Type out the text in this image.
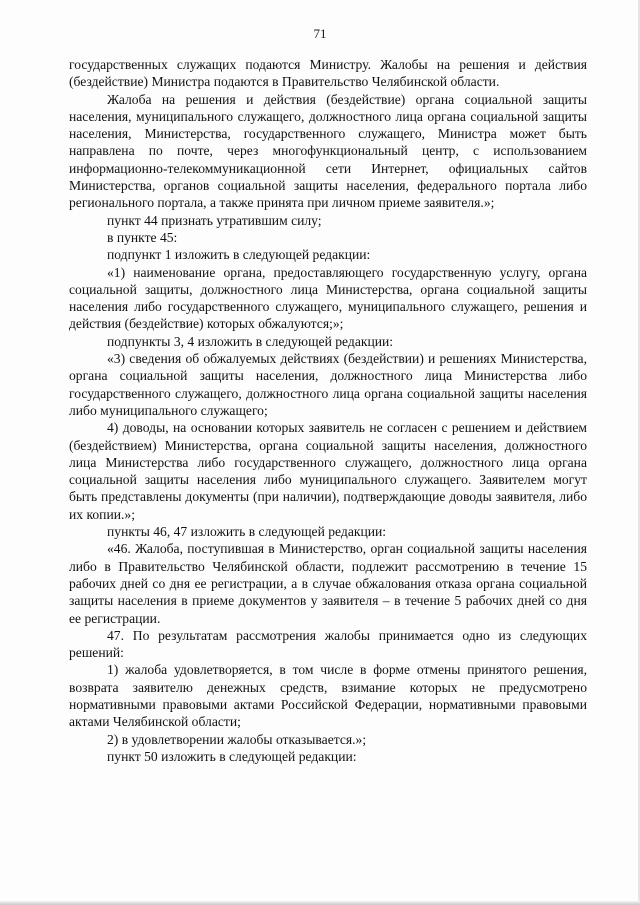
71

государственных служащих подаются Министру. Жалобы на решения и действия (бездействие) Министра подаются в Правительство Челябинской области.

Жалоба на решения и действия (бездействие) органа социальной защиты населения, муниципального служащего, должностного лица органа социальной защиты населения, Министерства, государственного служащего, Министра может быть направлена по почте, через многофункциональный центр, с использованием информационно-телекоммуникационной сети Интернет, официальных сайтов Министерства, органов социальной защиты населения, федерального портала либо регионального портала, а также принята при личном приеме заявителя.»;

пункт 44 признать утратившим силу;

в пункте 45:

подпункт 1 изложить в следующей редакции:

«1) наименование органа, предоставляющего государственную услугу, органа социальной защиты, должностного лица Министерства, органа социальной защиты населения либо государственного служащего, муниципального служащего, решения и действия (бездействие) которых обжалуются;»;

подпункты 3, 4 изложить в следующей редакции:

«3) сведения об обжалуемых действиях (бездействии) и решениях Министерства, органа социальной защиты населения, должностного лица Министерства либо государственного служащего, должностного лица органа социальной защиты населения либо муниципального служащего;

4) доводы, на основании которых заявитель не согласен с решением и действием (бездействием) Министерства, органа социальной защиты населения, должностного лица Министерства либо государственного служащего, должностного лица органа социальной защиты населения либо муниципального служащего. Заявителем могут быть представлены документы (при наличии), подтверждающие доводы заявителя, либо их копии.»;

пункты 46, 47 изложить в следующей редакции:

«46. Жалоба, поступившая в Министерство, орган социальной защиты населения либо в Правительство Челябинской области, подлежит рассмотрению в течение 15 рабочих дней со дня ее регистрации, а в случае обжалования отказа органа социальной защиты населения в приеме документов у заявителя – в течение 5 рабочих дней со дня ее регистрации.

47. По результатам рассмотрения жалобы принимается одно из следующих решений:

1) жалоба удовлетворяется, в том числе в форме отмены принятого решения, возврата заявителю денежных средств, взимание которых не предусмотрено нормативными правовыми актами Российской Федерации, нормативными правовыми актами Челябинской области;

2) в удовлетворении жалобы отказывается.»;

пункт 50 изложить в следующей редакции:
